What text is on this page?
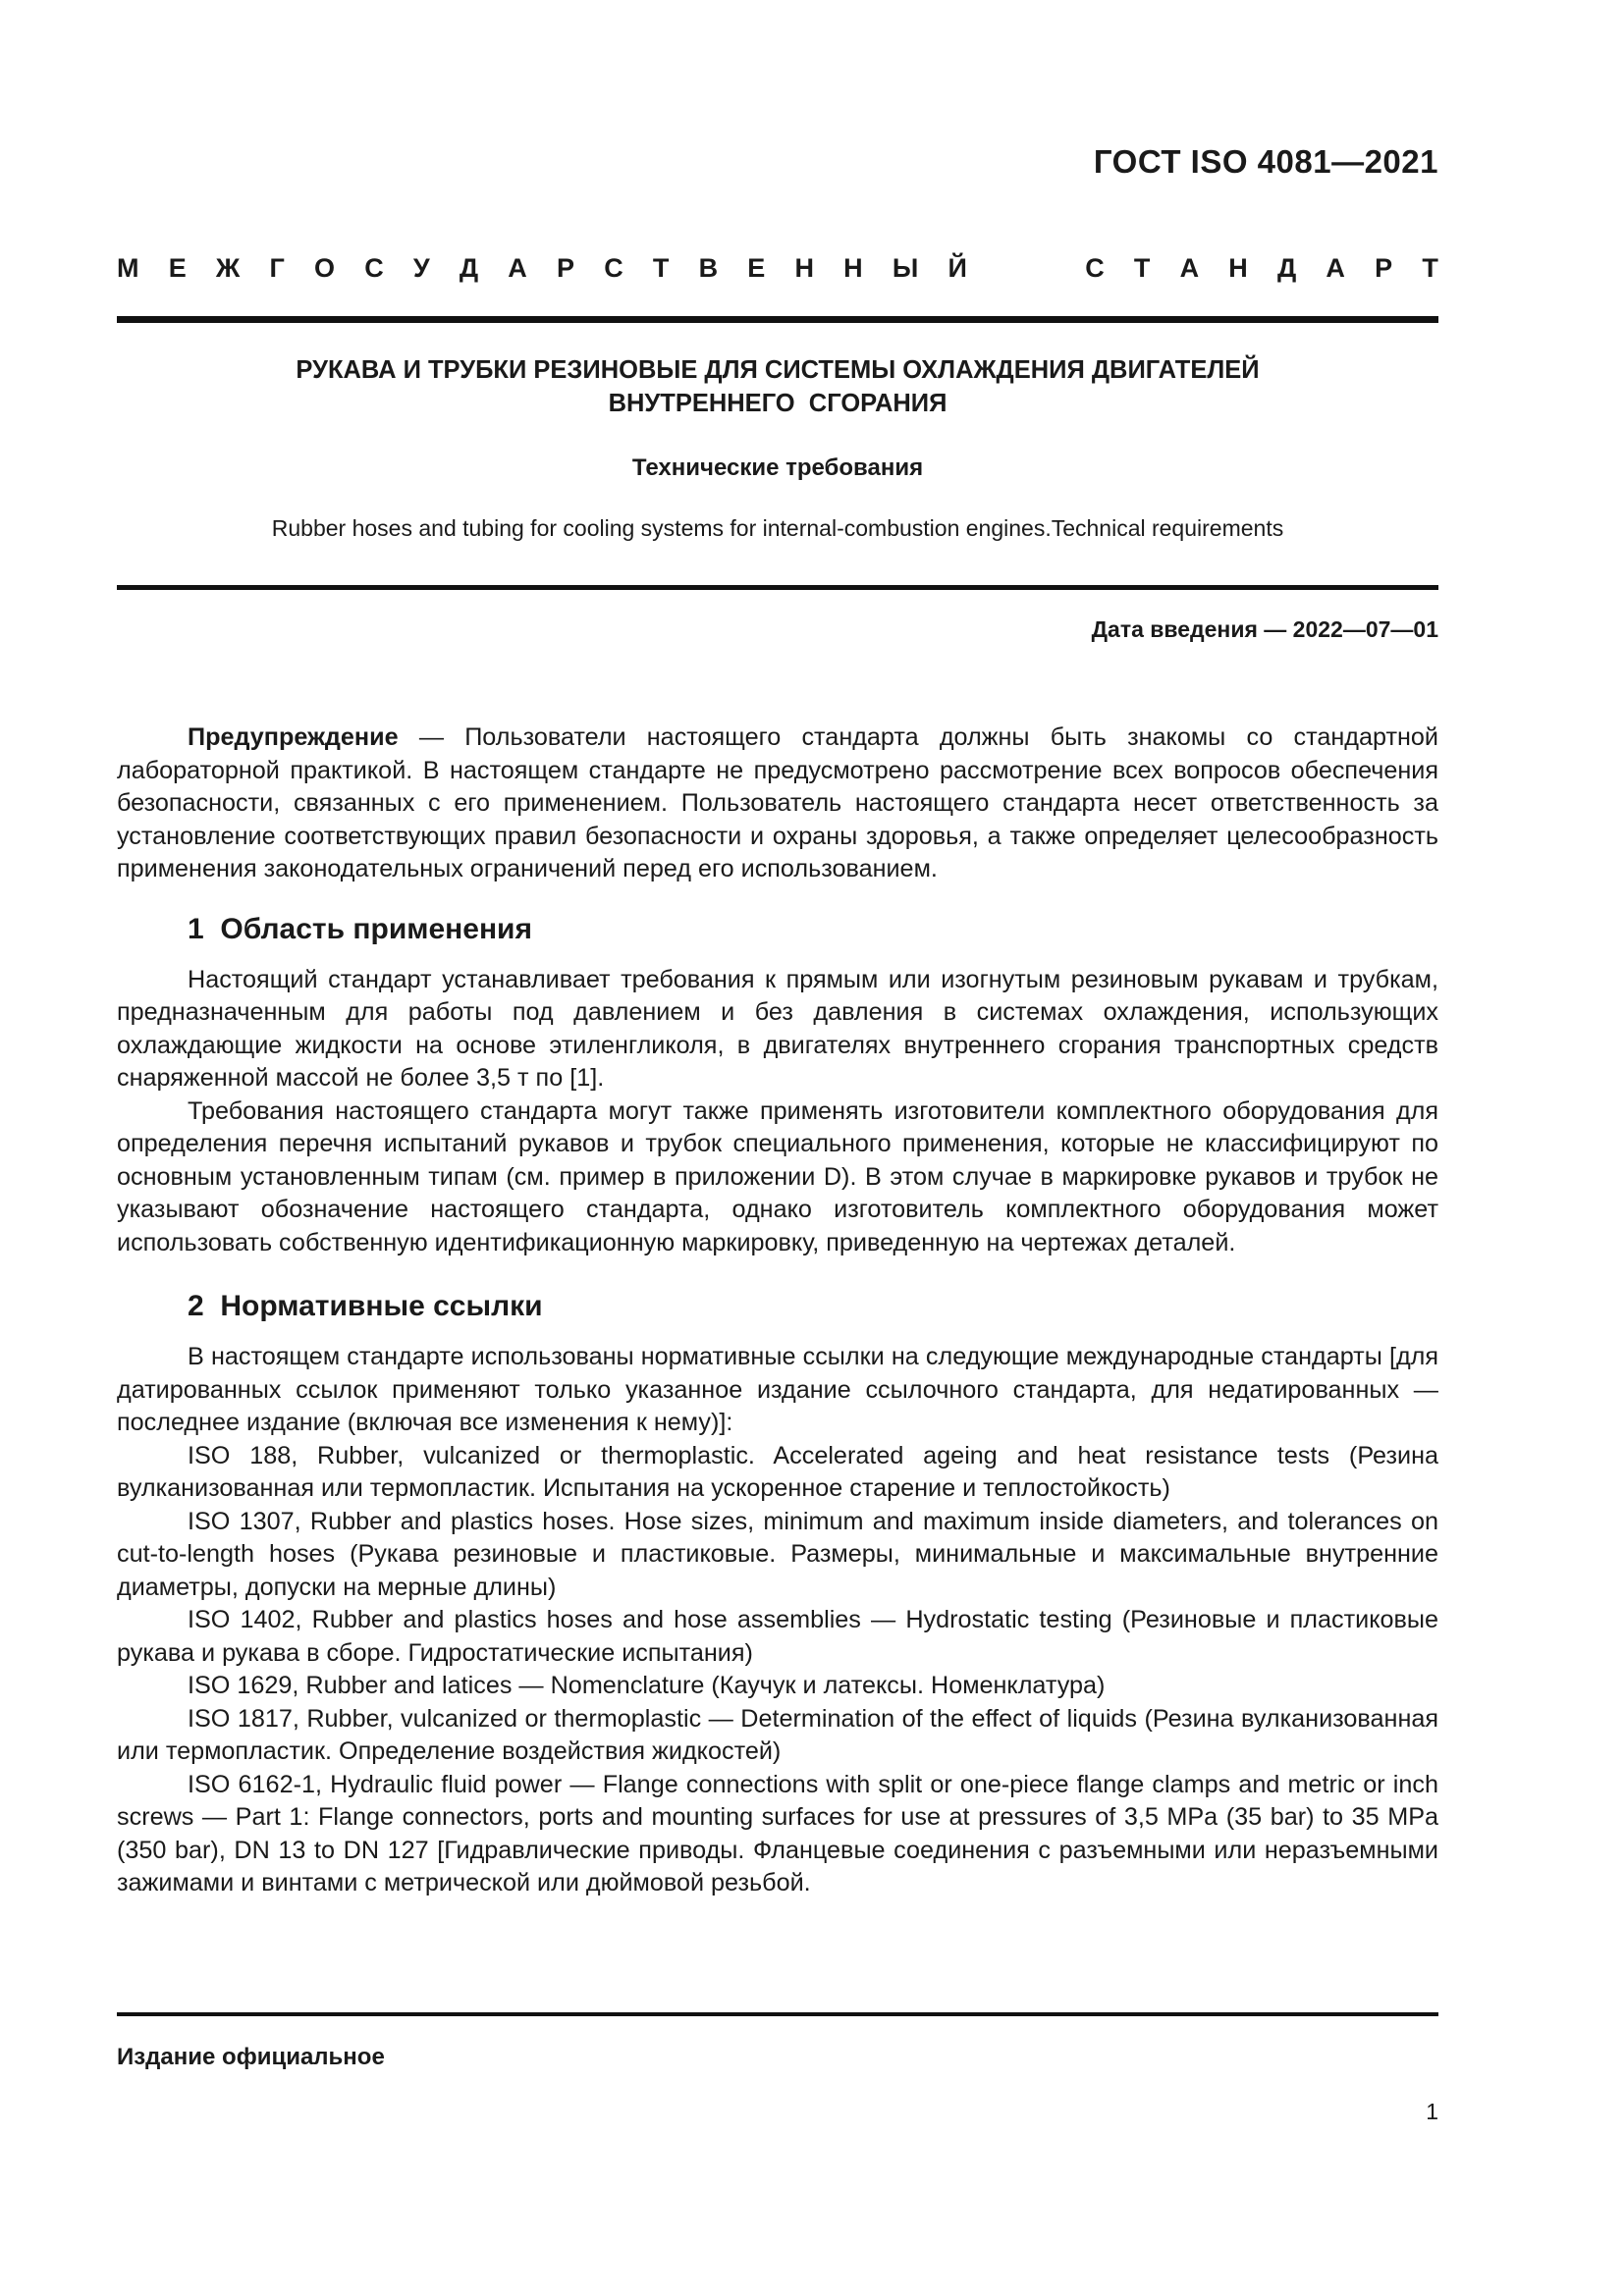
ГОСТ ISO 4081—2021
М Е Ж Г О С У Д А Р С Т В Е Н Н Ы Й	С Т А Н Д А Р Т
РУКАВА И ТРУБКИ РЕЗИНОВЫЕ ДЛЯ СИСТЕМЫ ОХЛАЖДЕНИЯ ДВИГАТЕЛЕЙ
ВНУТРЕННЕГО  СГОРАНИЯ
Технические требования
Rubber hoses and tubing for cooling systems for internal-combustion engines.Technical requirements
Дата введения — 2022—07—01

Предупреждение — Пользователи настоящего стандарта должны быть знакомы со стандартной лабораторной практикой. В настоящем стандарте не предусмотрено рассмотрение всех вопросов обеспечения безопасности, связанных с его применением. Пользователь настоящего стандарта несет ответственность за установление соответствующих правил безопасности и охраны здоровья, а также определяет целесообразность применения законодательных ограничений перед его использованием.

1  Область применения

Настоящий стандарт устанавливает требования к прямым или изогнутым резиновым рукавам и трубкам, предназначенным для работы под давлением и без давления в системах охлаждения, использующих охлаждающие жидкости на основе этиленгликоля, в двигателях внутреннего сгорания транспортных средств снаряженной массой не более 3,5 т по [1].

Требования настоящего стандарта могут также применять изготовители комплектного оборудования для определения перечня испытаний рукавов и трубок специального применения, которые не классифицируют по основным установленным типам (см. пример в приложении D). В этом случае в маркировке рукавов и трубок не указывают обозначение настоящего стандарта, однако изготовитель комплектного оборудования может использовать собственную идентификационную маркировку, приведенную на чертежах деталей.

2  Нормативные ссылки

В настоящем стандарте использованы нормативные ссылки на следующие международные стандарты [для датированных ссылок применяют только указанное издание ссылочного стандарта, для недатированных — последнее издание (включая все изменения к нему)]:

ISO 188, Rubber, vulcanized or thermoplastic. Accelerated ageing and heat resistance tests (Резина вулканизованная или термопластик. Испытания на ускоренное старение и теплостойкость)

ISO 1307, Rubber and plastics hoses. Hose sizes, minimum and maximum inside diameters, and tolerances on cut-to-length hoses (Рукава резиновые и пластиковые. Размеры, минимальные и максимальные внутренние диаметры, допуски на мерные длины)

ISO 1402, Rubber and plastics hoses and hose assemblies — Hydrostatic testing (Резиновые и пластиковые рукава и рукава в сборе. Гидростатические испытания)

ISO 1629, Rubber and latices — Nomenclature (Каучук и латексы. Номенклатура)

ISO 1817, Rubber, vulcanized or thermoplastic — Determination of the effect of liquids (Резина вулканизованная или термопластик. Определение воздействия жидкостей)

ISO 6162-1, Hydraulic fluid power — Flange connections with split or one-piece flange clamps and metric or inch screws — Part 1: Flange connectors, ports and mounting surfaces for use at pressures of 3,5 MPa (35 bar) to 35 MPa (350 bar), DN 13 to DN 127 [Гидравлические приводы. Фланцевые соединения с разъемными или неразъемными зажимами и винтами с метрической или дюймовой резьбой.

Издание официальное
1
